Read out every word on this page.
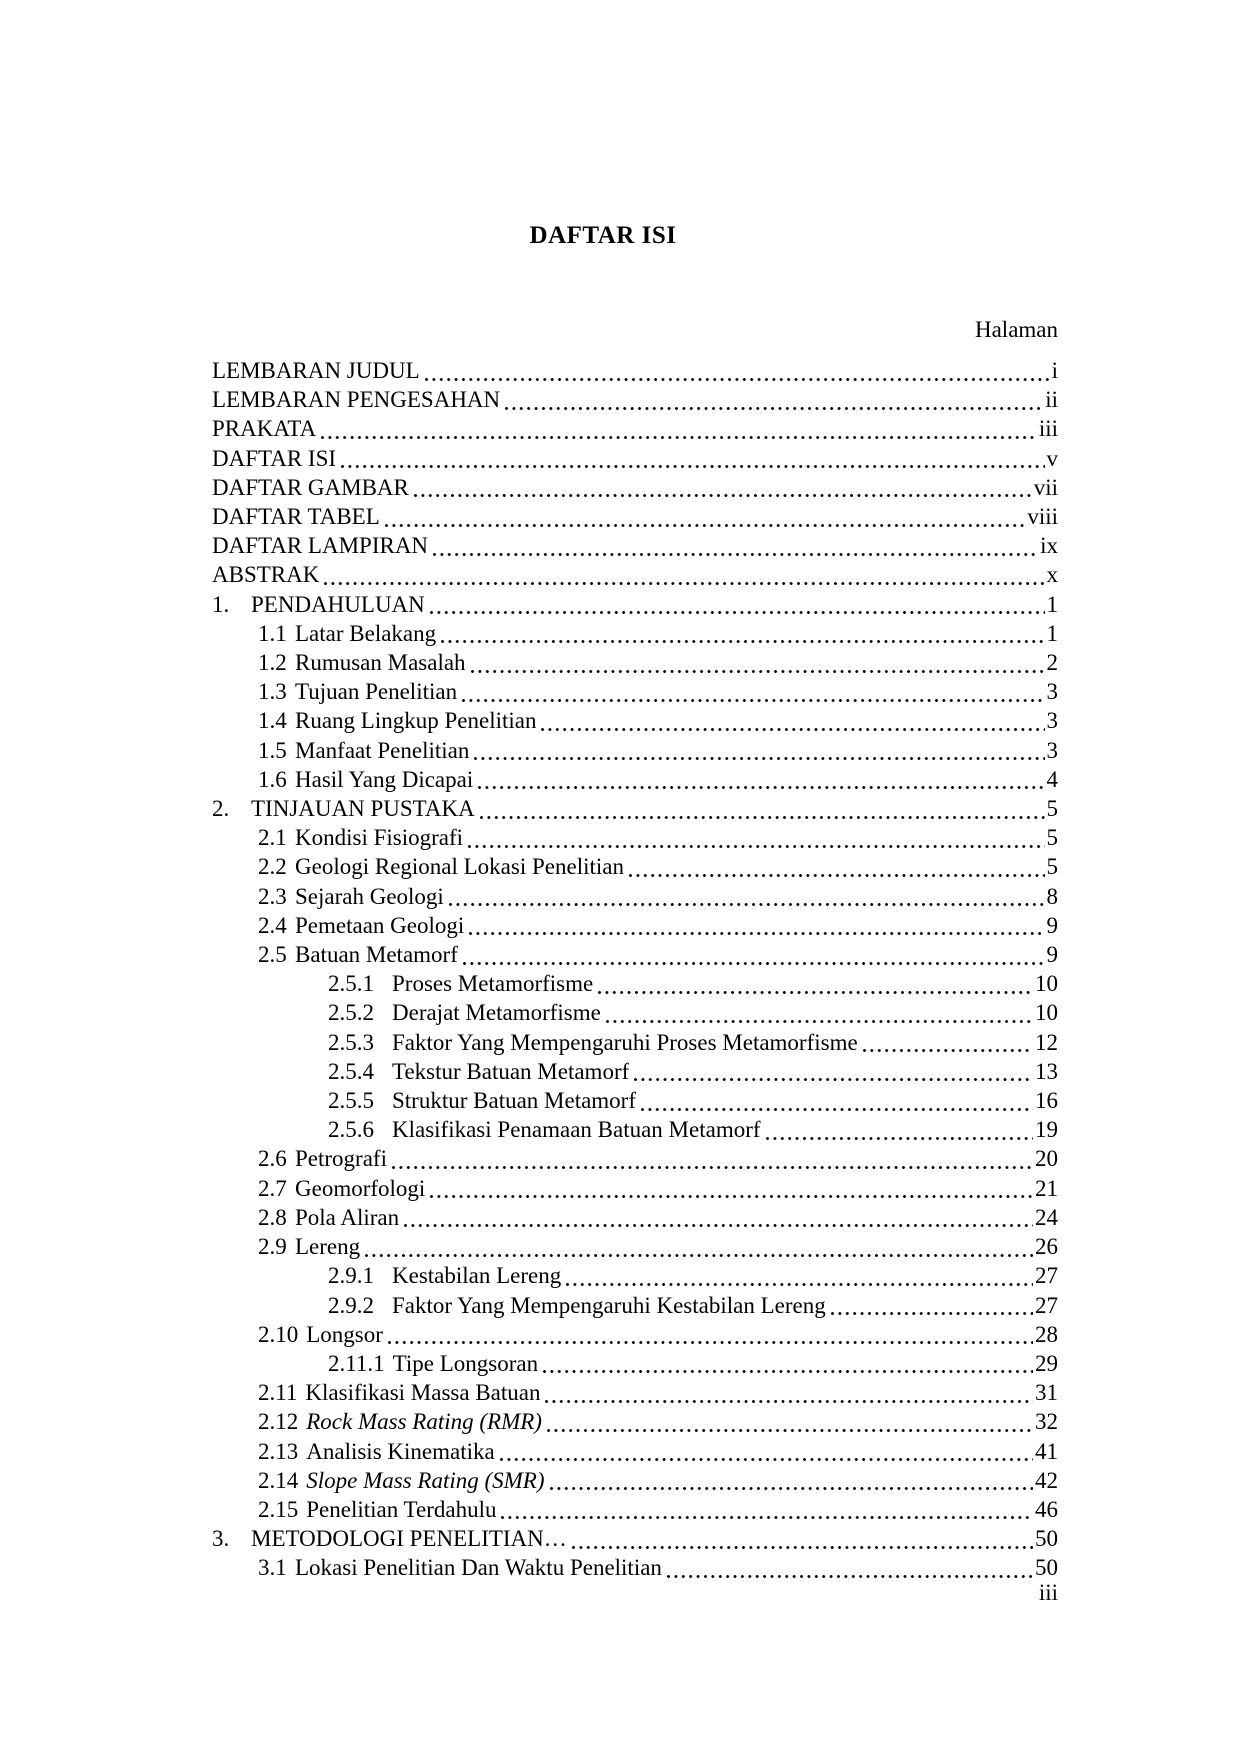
DAFTAR ISI
Halaman
LEMBARAN JUDUL	i
LEMBARAN PENGESAHAN	ii
PRAKATA	iii
DAFTAR ISI	v
DAFTAR GAMBAR	vii
DAFTAR TABEL	viii
DAFTAR LAMPIRAN	ix
ABSTRAK	x
1. PENDAHULUAN	1
1.1 Latar Belakang	1
1.2 Rumusan Masalah	2
1.3 Tujuan Penelitian	3
1.4 Ruang Lingkup Penelitian	3
1.5 Manfaat Penelitian	3
1.6 Hasil Yang Dicapai	4
2. TINJAUAN PUSTAKA	5
2.1 Kondisi Fisiografi	5
2.2 Geologi Regional Lokasi Penelitian	5
2.3 Sejarah Geologi	8
2.4 Pemetaan Geologi	9
2.5 Batuan Metamorf	9
2.5.1 Proses Metamorfisme	10
2.5.2 Derajat Metamorfisme	10
2.5.3 Faktor Yang Mempengaruhi Proses Metamorfisme	12
2.5.4 Tekstur Batuan Metamorf	13
2.5.5 Struktur Batuan Metamorf	16
2.5.6 Klasifikasi Penamaan Batuan Metamorf	19
2.6 Petrografi	20
2.7 Geomorfologi	21
2.8 Pola Aliran	24
2.9 Lereng	26
2.9.1 Kestabilan Lereng	27
2.9.2 Faktor Yang Mempengaruhi Kestabilan Lereng	27
2.10 Longsor	28
2.11.1 Tipe Longsoran	29
2.11 Klasifikasi Massa Batuan	31
2.12 Rock Mass Rating (RMR)	32
2.13 Analisis Kinematika	41
2.14 Slope Mass Rating (SMR)	42
2.15 Penelitian Terdahulu	46
3. METODOLOGI PENELITIAN…	50
3.1 Lokasi Penelitian Dan Waktu Penelitian	50
iii
